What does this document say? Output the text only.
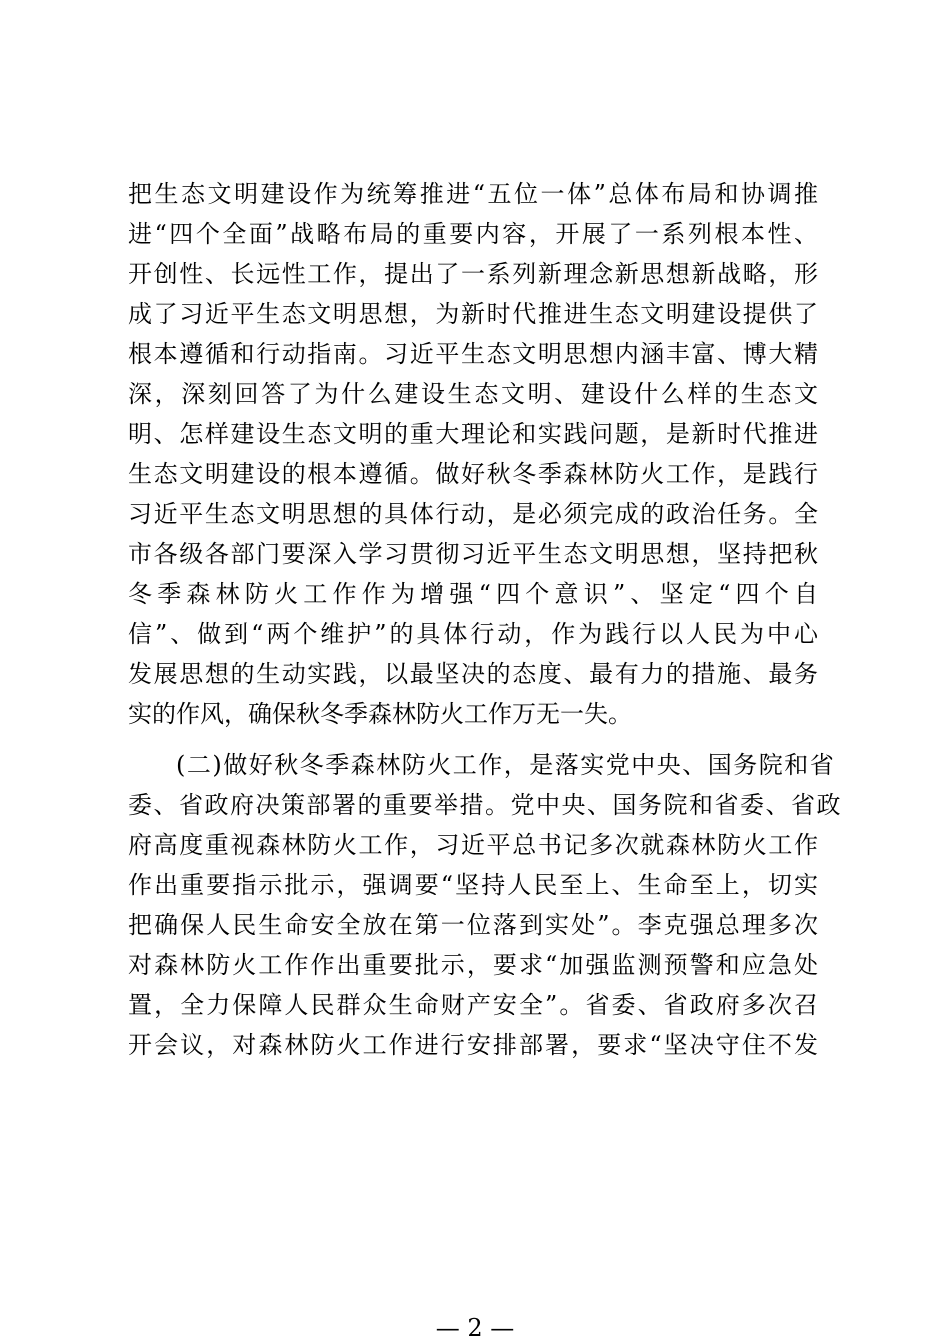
把生态文明建设作为统筹推进“五位一体”总体布局和协调推
进“四个全面”战略布局的重要内容，开展了一系列根本性、
开创性、长远性工作，提出了一系列新理念新思想新战略，形
成了习近平生态文明思想，为新时代推进生态文明建设提供了
根本遵循和行动指南。习近平生态文明思想内涵丰富、博大精
深，深刻回答了为什么建设生态文明、建设什么样的生态文
明、怎样建设生态文明的重大理论和实践问题，是新时代推进
生态文明建设的根本遵循。做好秋冬季森林防火工作，是践行
习近平生态文明思想的具体行动，是必须完成的政治任务。全
市各级各部门要深入学习贯彻习近平生态文明思想，坚持把秋
冬季森林防火工作作为增强“四个意识”、坚定“四个自
信”、做到“两个维护”的具体行动，作为践行以人民为中心
发展思想的生动实践，以最坚决的态度、最有力的措施、最务
实的作风，确保秋冬季森林防火工作万无一失。
(二)做好秋冬季森林防火工作，是落实党中央、国务院和省
委、省政府决策部署的重要举措。党中央、国务院和省委、省政
府高度重视森林防火工作，习近平总书记多次就森林防火工作
作出重要指示批示，强调要“坚持人民至上、生命至上，切实
把确保人民生命安全放在第一位落到实处”。李克强总理多次
对森林防火工作作出重要批示，要求“加强监测预警和应急处
置，全力保障人民群众生命财产安全”。省委、省政府多次召
开会议，对森林防火工作进行安排部署，要求“坚决守住不发
— 2 —
